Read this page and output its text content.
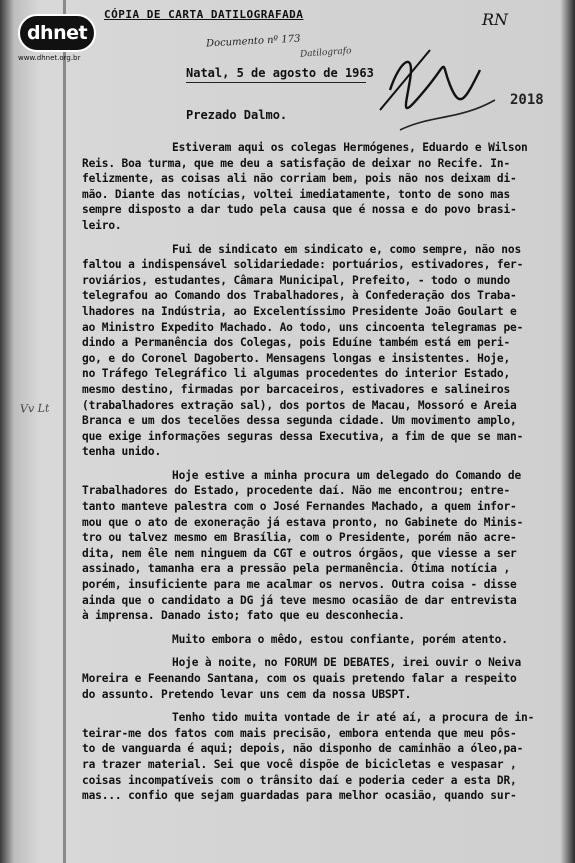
dhnet
www.dhnet.org.br
CÓPIA DE CARTA DATILOGRAFADA	RN
Documento nº 173
Datilografo
Natal, 5 de agosto de 1963
2018
Vv Lt
Prezado Dalmo.
Estiveram aqui os colegas Hermógenes, Eduardo e Wilson
Reis. Boa turma, que me deu a satisfação de deixar no Recife. In-
felizmente, as coisas ali não corriam bem, pois não nos deixam di-
mão. Diante das notícias, voltei imediatamente, tonto de sono mas
sempre disposto a dar tudo pela causa que é nossa e do povo brasi-
leiro.
Fui de sindicato em sindicato e, como sempre, não nos
faltou a indispensável solidariedade: portuários, estivadores, fer-
roviários, estudantes, Câmara Municipal, Prefeito, - todo o mundo
telegrafou ao Comando dos Trabalhadores, à Confederação dos Traba-
lhadores na Indústria, ao Excelentíssimo Presidente João Goulart e
ao Ministro Expedito Machado. Ao todo, uns cincoenta telegramas pe-
dindo a Permanência dos Colegas, pois Eduíne também está em peri-
go, e do Coronel Dagoberto. Mensagens longas e insistentes. Hoje,
no Tráfego Telegráfico li algumas procedentes do interior Estado,
mesmo destino, firmadas por barcaceiros, estivadores e salineiros
(trabalhadores extração sal), dos portos de Macau, Mossoró e Areia
Branca e um dos tecelões dessa segunda cidade. Um movimento amplo,
que exige informações seguras dessa Executiva, a fim de que se man-
tenha unido.
Hoje estive a minha procura um delegado do Comando de
Trabalhadores do Estado, procedente daí. Não me encontrou; entre-
tanto manteve palestra com o José Fernandes Machado, a quem infor-
mou que o ato de exoneração já estava pronto, no Gabinete do Minis-
tro ou talvez mesmo em Brasília, com o Presidente, porém não acre-
dita, nem êle nem ninguem da CGT e outros órgãos, que viesse a ser
assinado, tamanha era a pressão pela permanência. Ótima notícia ,
porém, insuficiente para me acalmar os nervos. Outra coisa - disse
ainda que o candidato a DG já teve mesmo ocasião de dar entrevista
à imprensa. Danado isto; fato que eu desconhecia.
Muito embora o mêdo, estou confiante, porém atento.
Hoje à noite, no FORUM DE DEBATES, irei ouvir o Neiva
Moreira e Feenando Santana, com os quais pretendo falar a respeito
do assunto. Pretendo levar uns cem da nossa UBSPT.
Tenho tido muita vontade de ir até aí, a procura de in-
teirar-me dos fatos com mais precisão, embora entenda que meu pôs-
to de vanguarda é aqui; depois, não disponho de caminhão a óleo,pa-
ra trazer material. Sei que você dispõe de bicicletas e vespasar ,
coisas incompatíveis com o trânsito daí e poderia ceder a esta DR,
mas... confio que sejam guardadas para melhor ocasião, quando sur-
